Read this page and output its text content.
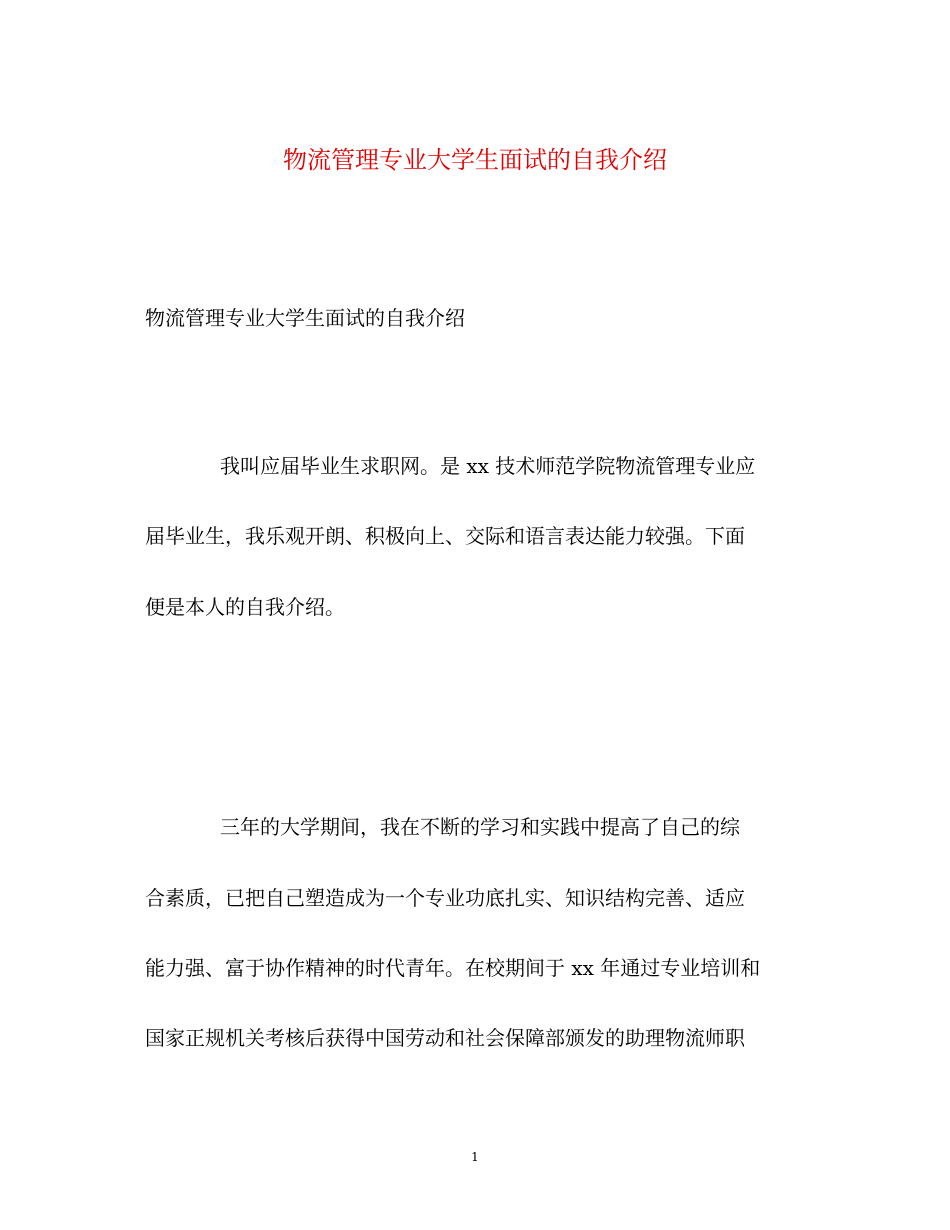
物流管理专业大学生面试的自我介绍
物流管理专业大学生面试的自我介绍
我叫应届毕业生求职网。是 xx 技术师范学院物流管理专业应
届毕业生，我乐观开朗、积极向上、交际和语言表达能力较强。下面
便是本人的自我介绍。
三年的大学期间，我在不断的学习和实践中提高了自己的综
合素质，已把自己塑造成为一个专业功底扎实、知识结构完善、适应
能力强、富于协作精神的时代青年。在校期间于 xx 年通过专业培训和
国家正规机关考核后获得中国劳动和社会保障部颁发的助理物流师职
1
